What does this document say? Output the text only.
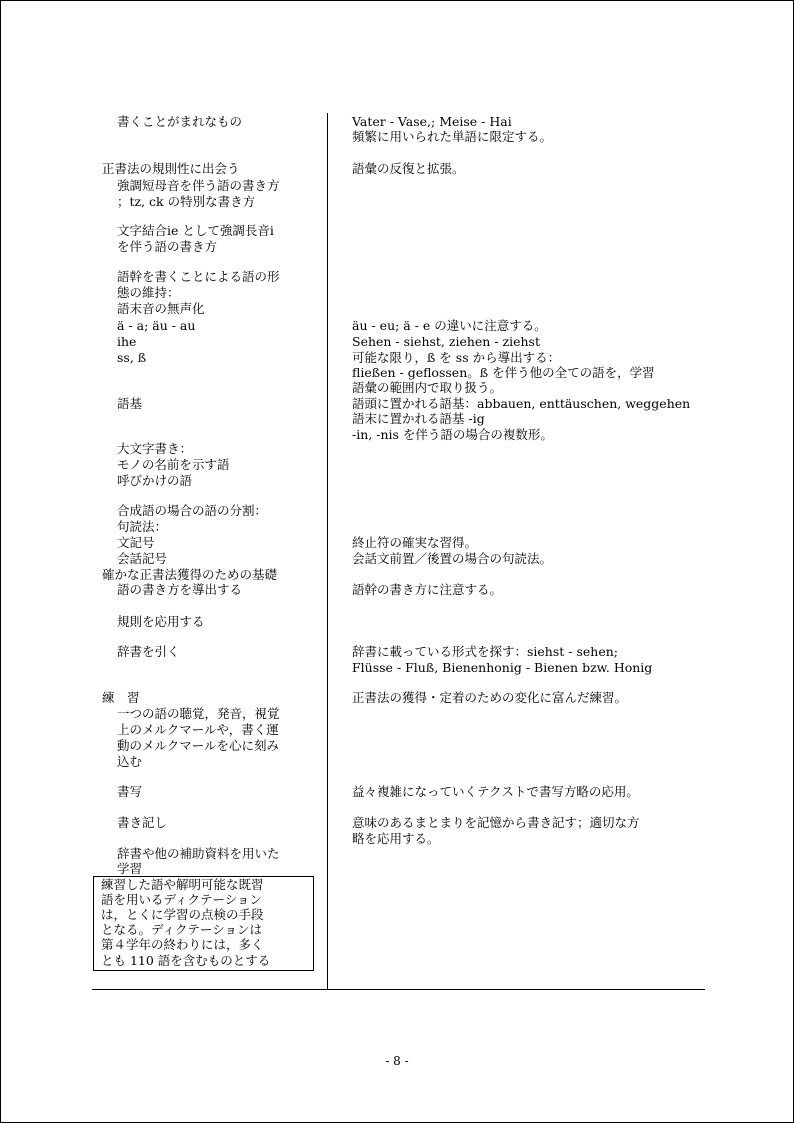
書くことがまれなもの
正書法の規則性に出会う
強調短母音を伴う語の書き方
；tz, ck の特別な書き方
文字結合ie として強調長音i
を伴う語の書き方
語幹を書くことによる語の形
態の維持：
語末音の無声化
ä - a; äu - au
ihe
ss, ß
語基
大文字書き：
モノの名前を示す語
呼びかけの語
合成語の場合の語の分割：
句読法：
文記号
会話記号
確かな正書法獲得のための基礎
語の書き方を導出する
規則を応用する
辞書を引く
練　習
一つの語の聴覚，発音，視覚
上のメルクマールや，書く運
動のメルクマールを心に刻み
込む
書写
書き記し
辞書や他の補助資料を用いた
学習
練習した語や解明可能な既習
語を用いるディクテーション
は，とくに学習の点検の手段
となる。ディクテーションは
第４学年の終わりには，多く
とも 110 語を含むものとする
Vater - Vase,; Meise - Hai
頻繁に用いられた単語に限定する。
語彙の反復と拡張。
äu - eu; ä - e の違いに注意する。
Sehen - siehst, ziehen - ziehst
可能な限り，ß を ss から導出する：
fließen - geflossen。ß を伴う他の全ての語を，学習
語彙の範囲内で取り扱う。
語頭に置かれる語基：abbauen, enttäuschen, weggehen
語末に置かれる語基 -ig
-in, -nis を伴う語の場合の複数形。
終止符の確実な習得。
会話文前置／後置の場合の句読法。
語幹の書き方に注意する。
辞書に載っている形式を探す：siehst - sehen;
Flüsse - Fluß, Bienenhonig - Bienen bzw. Honig
正書法の獲得・定着のための変化に富んだ練習。
益々複雑になっていくテクストで書写方略の応用。
意味のあるまとまりを記憶から書き記す；適切な方
略を応用する。
- 8 -
